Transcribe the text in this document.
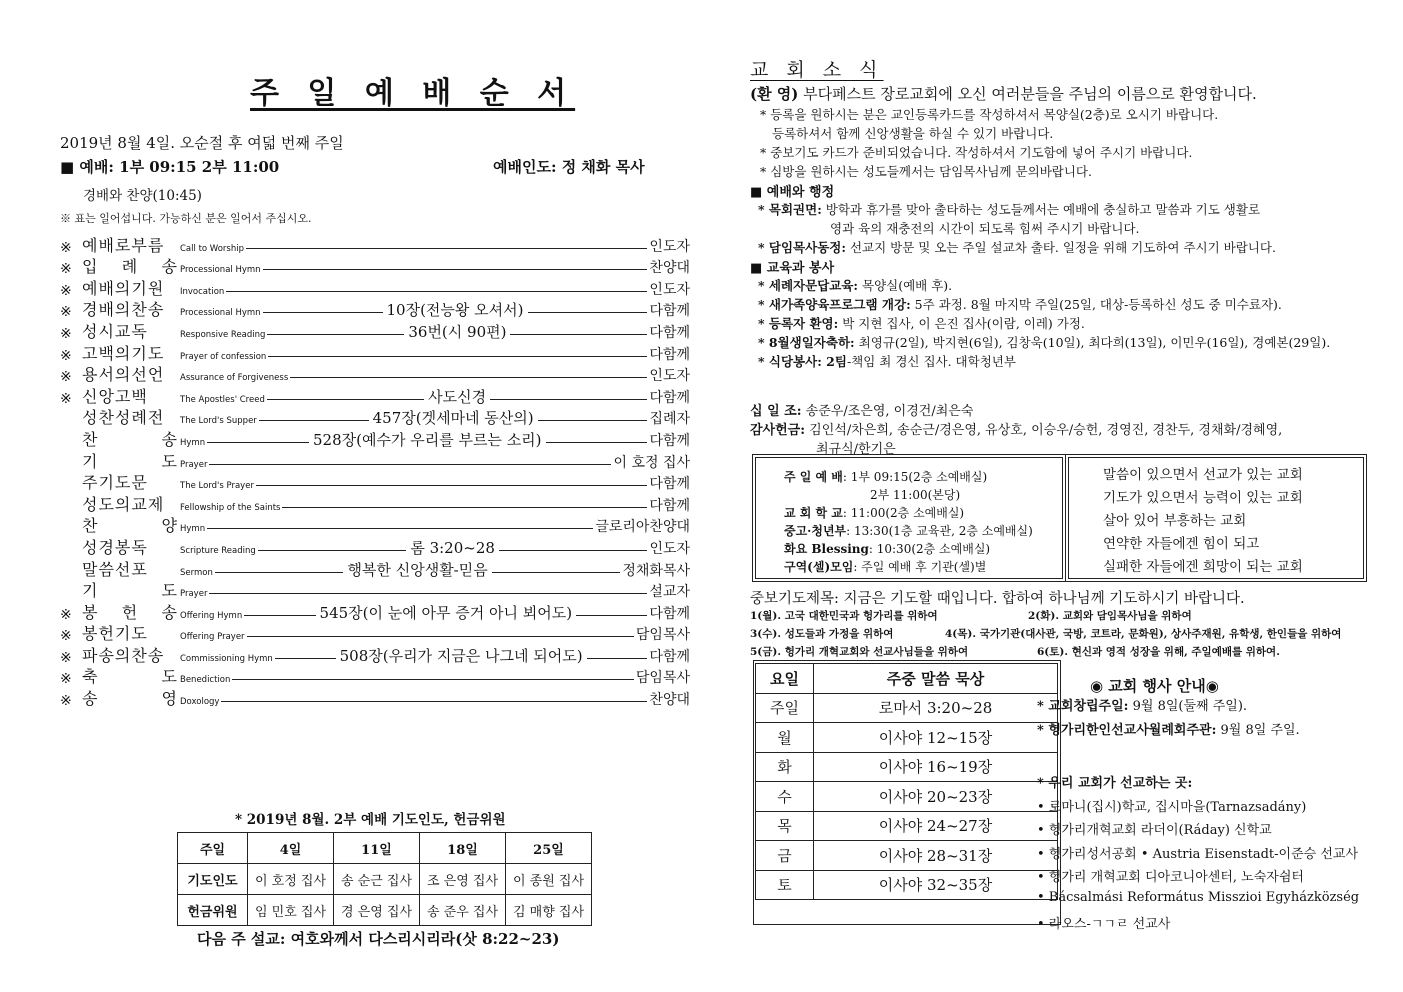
주 일 예 배 순 서
2019년 8월 4일. 오순절 후 여덟 번째 주일
■ 예배: 1부 09:15 2부 11:00	예배인도: 정 채화 목사
경배와 찬양(10:45)
※ 표는 일어섭니다. 가능하신 분은 일어서 주십시오.
※ 예배로부름	Call to Worship	인도자
※ 입 례 송 Processional Hymn	찬양대
※ 예배의기원	Invocation	인도자
※ 경배의찬송	Processional Hymn	10장(전능왕 오셔서)	다함께
※ 성시교독	Responsive Reading	36번(시 90편)	다함께
※ 고백의기도	Prayer of confession	다함께
※ 용서의선언	Assurance of Forgiveness	인도자
※ 신앙고백	The Apostles' Creed	사도신경	다함께
성찬성례전	The Lord's Supper	457장(겟세마네 동산의)	집례자
찬 송 Hymn	528장(예수가 우리를 부르는 소리)	다함께
기 도 Prayer	이 호정 집사
주기도문	The Lord's Prayer	다함께
성도의교제	Fellowship of the Saints	다함께
찬 양 Hymn	글로리아찬양대
성경봉독	Scripture Reading	롬 3:20~28	인도자
말씀선포	Sermon	행복한 신앙생활-믿음	정채화목사
기 도 Prayer	설교자
※ 봉 헌 송 Offering Hymn	545장(이 눈에 아무 증거 아니 뵈어도)	다함께
※ 봉헌기도	Offering Prayer	담임목사
※ 파송의찬송	Commissioning Hymn	508장(우리가 지금은 나그네 되어도)	다함께
※ 축 도 Benediction	담임목사
※ 송 영 Doxology	찬양대
* 2019년 8월. 2부 예배 기도인도, 헌금위원
주일	4일	11일	18일	25일
기도인도	이 호정 집사	송 순근 집사	조 은영 집사	이 종원 집사
헌금위원	임 민호 집사	경 은영 집사	송 준우 집사	김 매향 집사
다음 주 설교: 여호와께서 다스리시리라(삿 8:22~23)
교 회 소 식
(환 영) 부다페스트 장로교회에 오신 여러분들을 주님의 이름으로 환영합니다.
* 등록을 원하시는 분은 교인등록카드를 작성하셔서 목양실(2층)로 오시기 바랍니다.
등록하셔서 함께 신앙생활을 하실 수 있기 바랍니다.
* 중보기도 카드가 준비되었습니다. 작성하셔서 기도함에 넣어 주시기 바랍니다.
* 심방을 원하시는 성도들께서는 담임목사님께 문의바랍니다.
■ 예배와 행정
* 목회권면: 방학과 휴가를 맞아 출타하는 성도들께서는 예배에 충실하고 말씀과 기도 생활로
영과 육의 재충전의 시간이 되도록 힘써 주시기 바랍니다.
* 담임목사동정: 선교지 방문 및 오는 주일 설교차 출타. 일정을 위해 기도하여 주시기 바랍니다.
■ 교육과 봉사
* 세례자문답교육: 목양실(예배 후).
* 새가족양육프로그램 개강: 5주 과정. 8월 마지막 주일(25일, 대상-등록하신 성도 중 미수료자).
* 등록자 환영: 박 지현 집사, 이 은진 집사(이람, 이레) 가정.
* 8월생일자축하: 최영규(2일), 박지현(6일), 김창욱(10일), 최다희(13일), 이민우(16일), 경예본(29일).
* 식당봉사: 2팀-책임 최 경신 집사. 대학청년부
십 일 조: 송준우/조은영, 이경건/최은숙
감사헌금: 김인석/차은희, 송순근/경은영, 유상호, 이승우/승헌, 경영진, 경찬두, 경채화/경혜영,
최규식/한기은
주 일 예 배: 1부 09:15(2층 소예배실)
2부 11:00(본당)
교 회 학 교: 11:00(2층 소예배실)
중고·청년부: 13:30(1층 교육관, 2층 소예배실)
화요 Blessing: 10:30(2층 소예배실)
구역(셀)모임: 주일 예배 후 기관(셀)별
말씀이 있으면서 선교가 있는 교회
기도가 있으면서 능력이 있는 교회
살아 있어 부흥하는 교회
연약한 자들에겐 힘이 되고
실패한 자들에겐 희망이 되는 교회
중보기도제목: 지금은 기도할 때입니다. 합하여 하나님께 기도하시기 바랍니다.
1(월). 고국 대한민국과 헝가리를 위하여	2(화). 교회와 담임목사님을 위하여
3(수). 성도들과 가정을 위하여	4(목). 국가기관(대사관, 국방, 코트라, 문화원), 상사주재원, 유학생, 한인들을 위하여
5(금). 헝가리 개혁교회와 선교사님들을 위하여	6(토). 현신과 영적 성장을 위해, 주일예배를 위하여.
요일	주중 말씀 묵상
주일	로마서 3:20~28
월	이사야 12~15장
화	이사야 16~19장
수	이사야 20~23장
목	이사야 24~27장
금	이사야 28~31장
토	이사야 32~35장
◉ 교회 행사 안내◉
* 교회창립주일: 9월 8일(둘째 주일).
* 헝가리한인선교사월례회주관: 9월 8일 주일.
* 우리 교회가 선교하는 곳:
• 로마니(집시)학교, 집시마을(Tarnazsadány)
• 헝가리개혁교회 라더이(Ráday) 신학교
• 헝가리성서공회 • Austria Eisenstadt-이준승 선교사
• 헝가리 개혁교회 디아코니아센터, 노숙자쉼터
• Bácsalmási Református Misszioi Egyházközség
• 라오스-ㄱㄱㄹ 선교사
